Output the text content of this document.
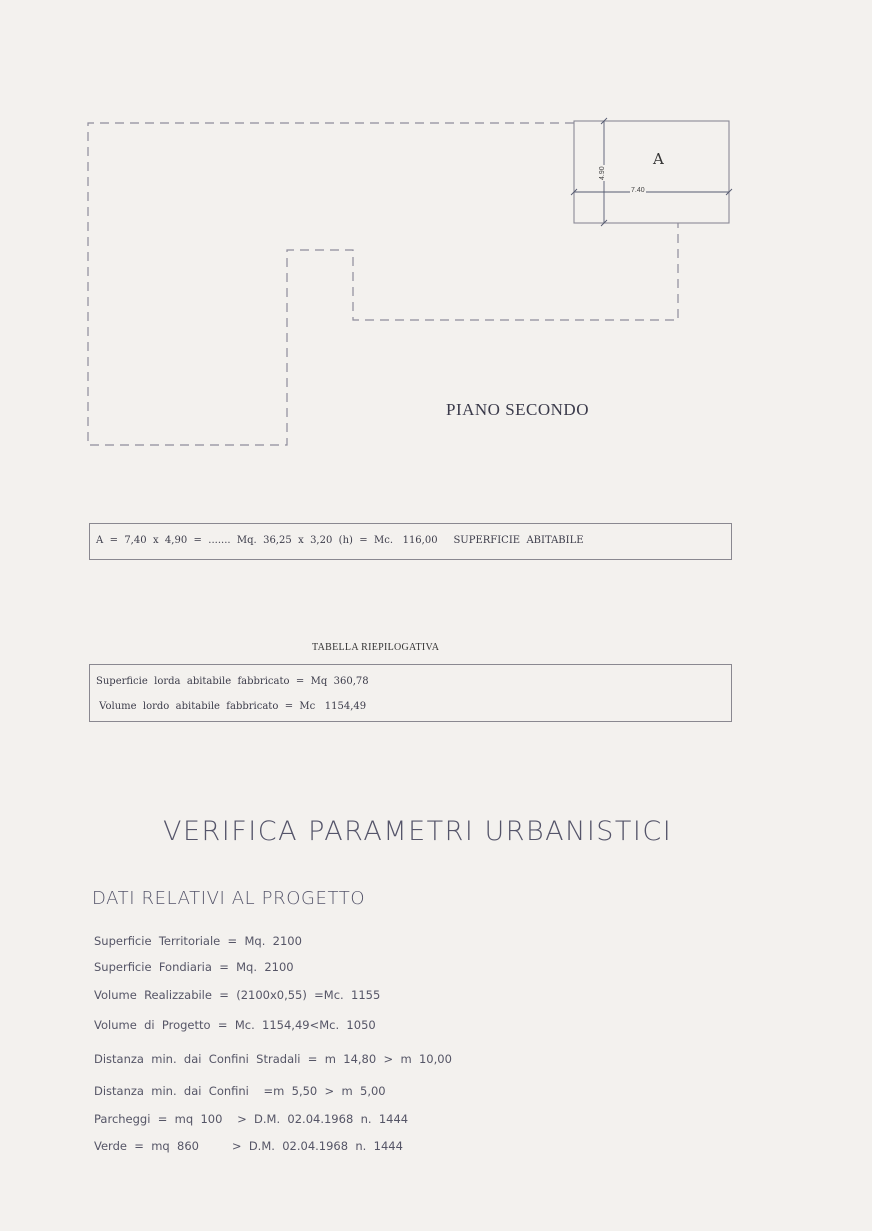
A
7.40
4.90
PIANO SECONDO
A  =  7,40  x  4,90  =  .......  Mq.  36,25  x  3,20  (h)  =  Mc.   116,00     SUPERFICIE  ABITABILE
TABELLA RIEPILOGATIVA
Superficie  lorda  abitabile  fabbricato  =  Mq  360,78
Volume  lordo  abitabile  fabbricato  =  Mc   1154,49
VERIFICA PARAMETRI URBANISTICI
DATI RELATIVI AL PROGETTO
Superficie  Territoriale  =  Mq.  2100
Superficie  Fondiaria  =  Mq.  2100
Volume  Realizzabile  =  (2100x0,55)  =Mc.  1155
Volume  di  Progetto  =  Mc.  1154,49<Mc.  1050
Distanza  min.  dai  Confini  Stradali  =  m  14,80  >  m  10,00
Distanza  min.  dai  Confini    =m  5,50  >  m  5,00
Parcheggi  =  mq  100    >  D.M.  02.04.1968  n.  1444
Verde  =  mq  860         >  D.M.  02.04.1968  n.  1444
